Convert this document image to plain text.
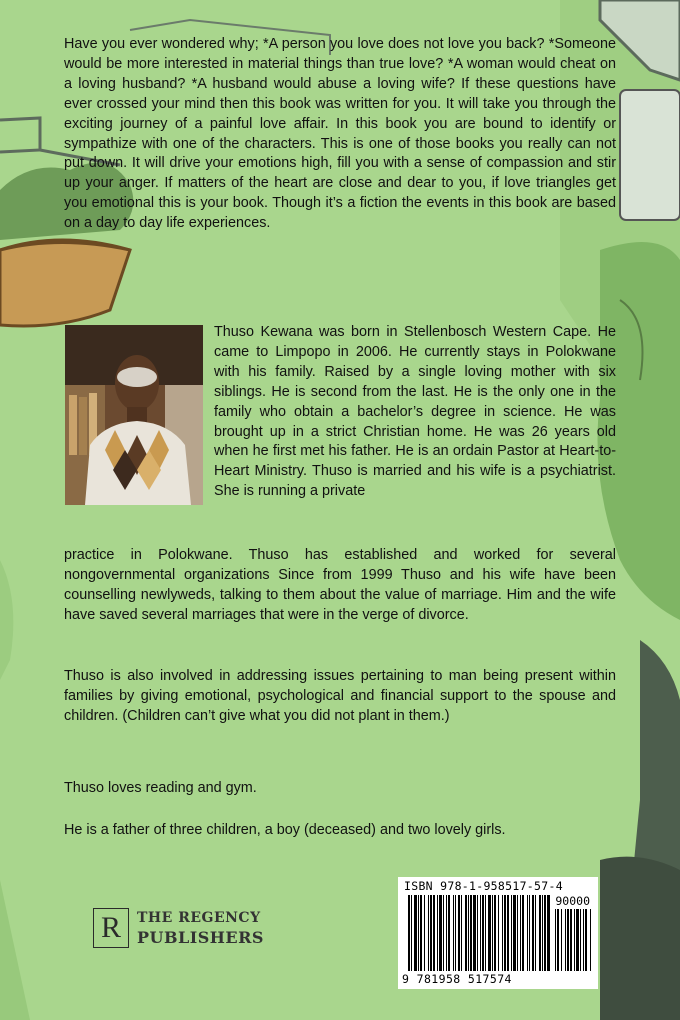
Have you ever wondered why; *A person you love does not love you back? *Someone would be more interested in material things than true love? *A woman would cheat on a loving husband? *A husband would abuse a loving wife? If these questions have ever crossed your mind then this book was written for you. It will take you through the exciting journey of a painful love affair. In this book you are bound to identify or sympathize with one of the characters. This is one of those books you really can not put down. It will drive your emotions high, fill you with a sense of compassion and stir up your anger. If matters of the heart are close and dear to you, if love triangles get you emotional this is your book. Though it’s a fiction the events in this book are based on a day to day life experiences.
Thuso Kewana was born in Stellenbosch Western Cape. He came to Limpopo in 2006. He currently stays in Polokwane with his family. Raised by a single loving mother with six siblings. He is second from the last. He is the only one in the family who obtain a bachelor’s degree in science. He was brought up in a strict Christian home. He was 26 years old when he first met his father. He is an ordain Pastor at Heart-to-Heart Ministry. Thuso is married and his wife is a psychiatrist. She is running a private
practice in Polokwane. Thuso has established and worked for several nongovernmental organizations Since from 1999 Thuso and his wife have been counselling newlyweds, talking to them about the value of marriage. Him and the wife have saved several marriages that were in the verge of divorce.
Thuso is also involved in addressing issues pertaining to man being present within families by giving emotional, psychological and financial support to the spouse and children. (Children can’t give what you did not plant in them.)
Thuso loves reading and gym.
He is a father of three children, a boy (deceased) and two lovely girls.
R	THE REGENCY
PUBLISHERS
ISBN 978-1-958517-57-4
90000
9 781958 517574
